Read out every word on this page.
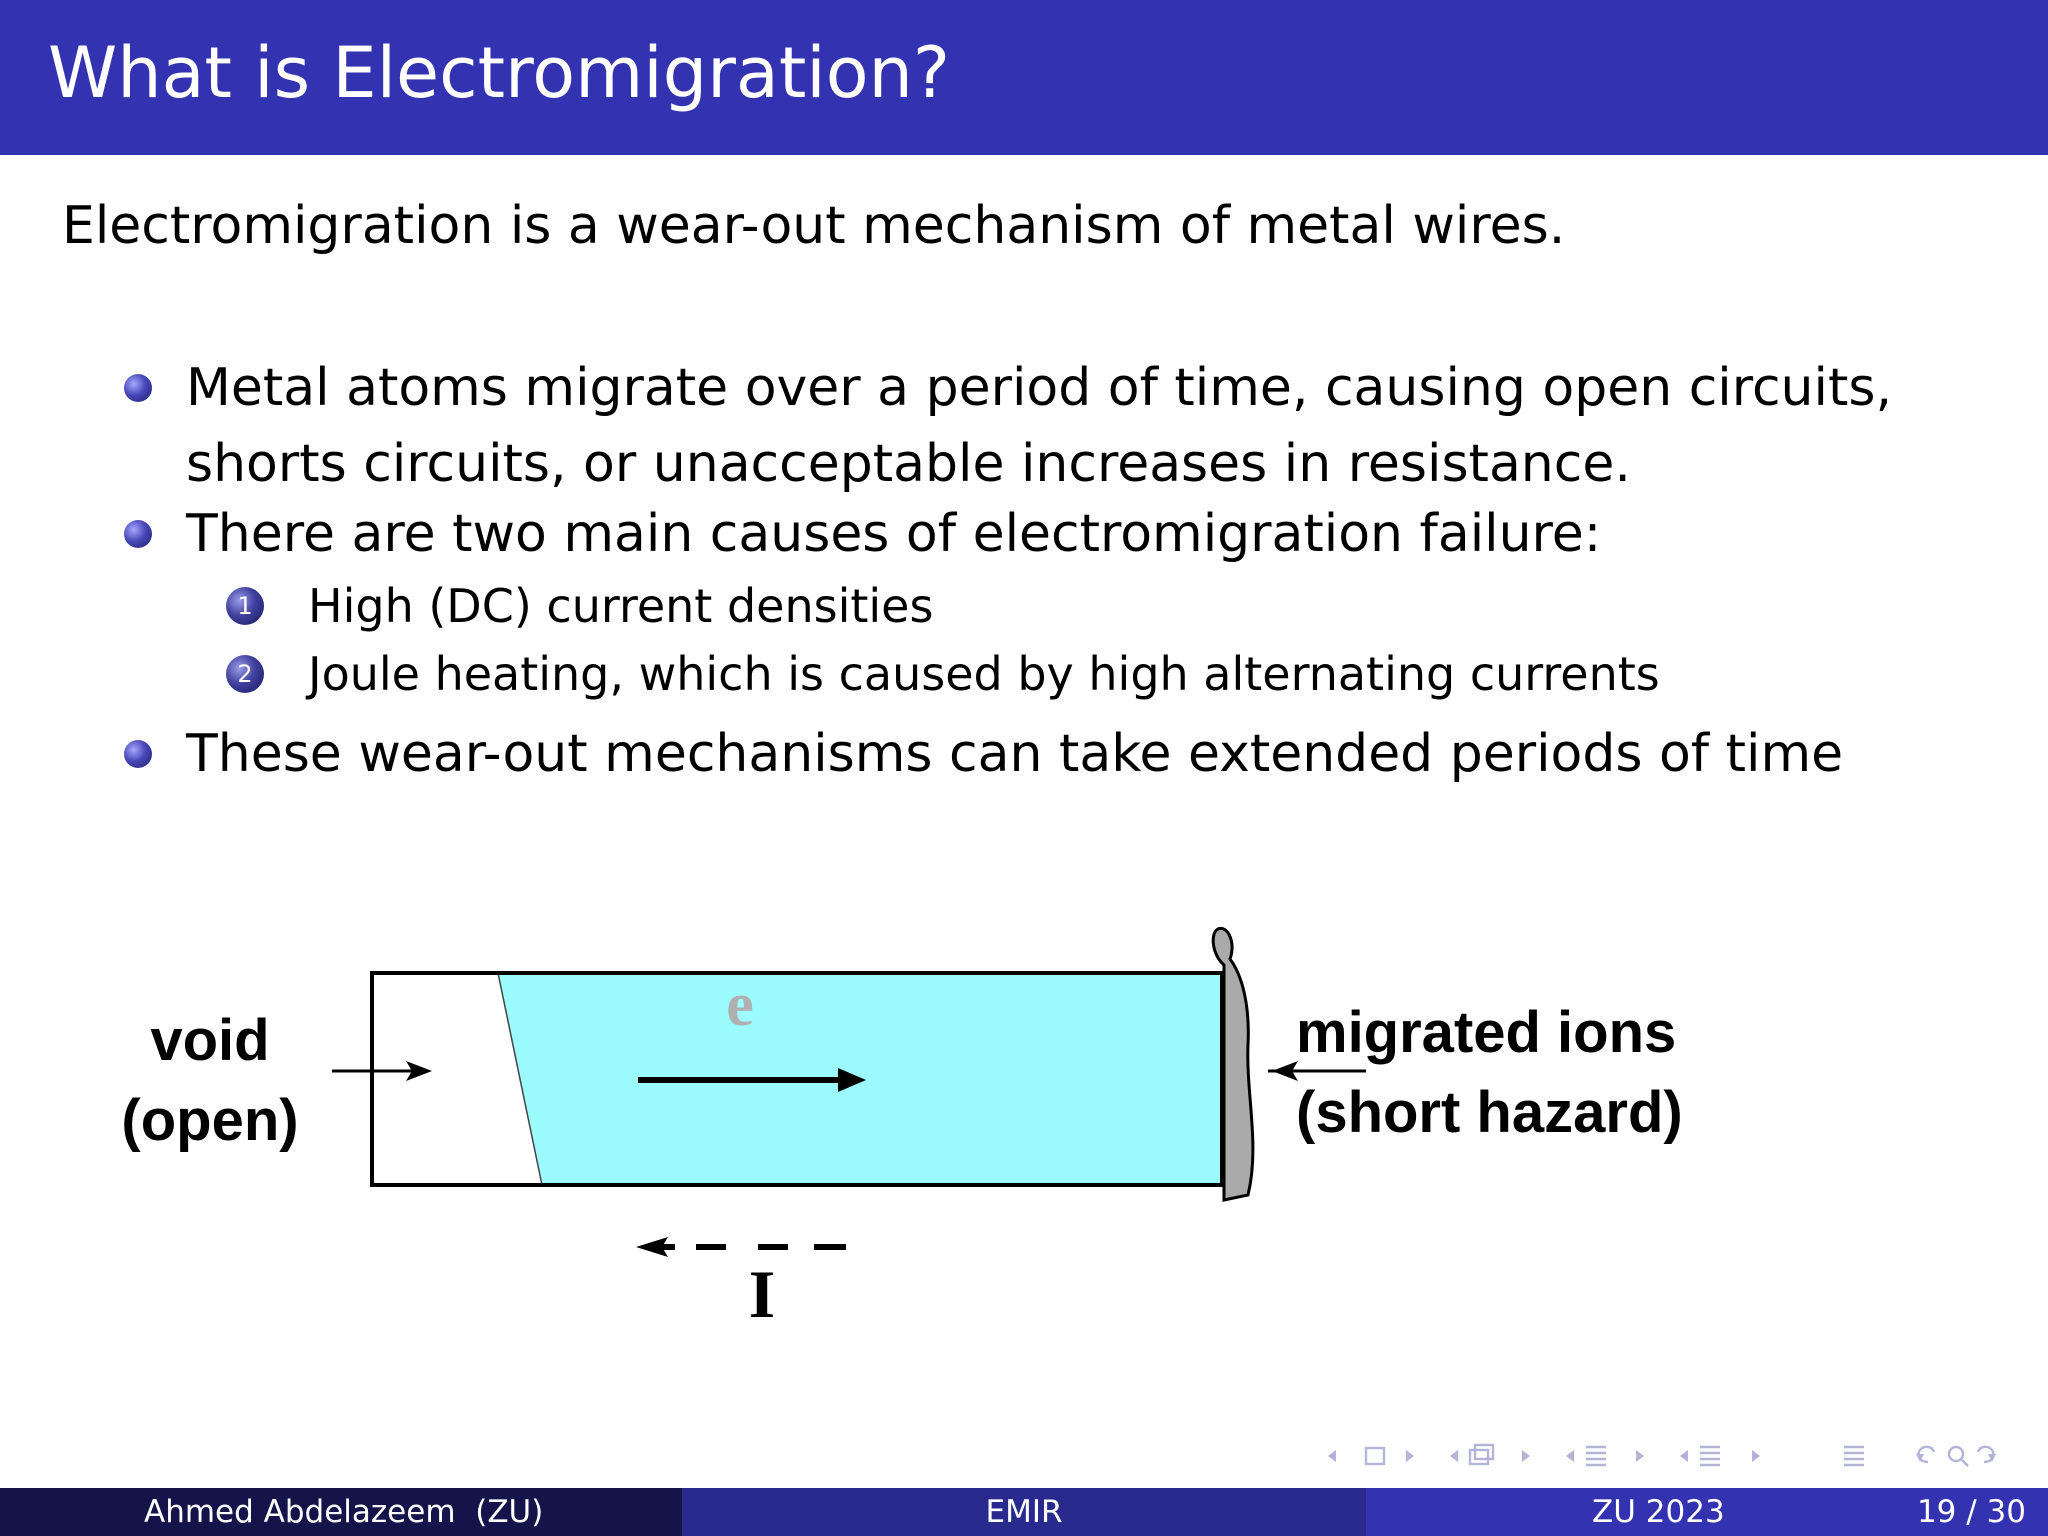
What is Electromigration?
Electromigration is a wear-out mechanism of metal wires.
Metal atoms migrate over a period of time, causing open circuits,
shorts circuits, or unacceptable increases in resistance.
There are two main causes of electromigration failure:
1 High (DC) current densities
2 Joule heating, which is caused by high alternating currents
These wear-out mechanisms can take extended periods of time
void
(open)
e	migrated ions
(short hazard)
I
Ahmed Abdelazeem  (ZU)	EMIR	ZU 2023	19 / 30
